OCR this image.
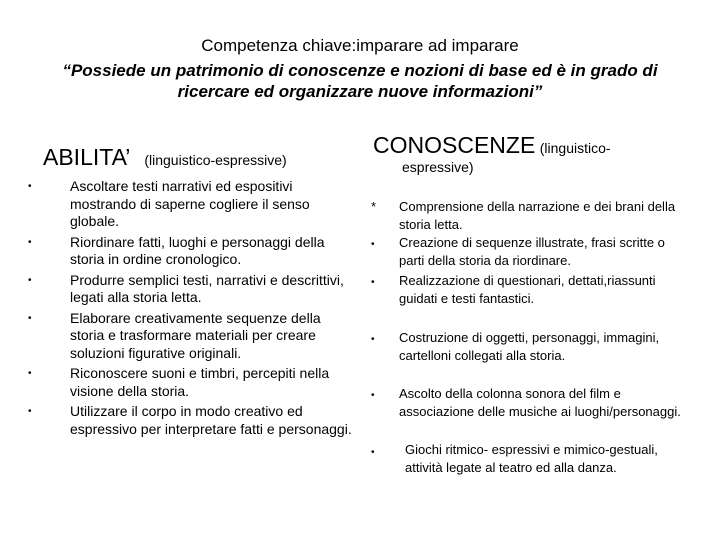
Competenza chiave:imparare ad imparare
“Possiede un patrimonio di conoscenze e nozioni di base ed è in grado di ricercare ed organizzare nuove informazioni”
ABILITA’ (linguistico-espressive)
•	Ascoltare testi narrativi ed espositivi mostrando di saperne cogliere il senso globale.
•	Riordinare fatti, luoghi e personaggi della storia in ordine cronologico.
•	Produrre semplici testi, narrativi e descrittivi, legati alla storia letta.
•	Elaborare creativamente sequenze della storia e trasformare materiali per creare soluzioni figurative originali.
•	Riconoscere suoni e timbri, percepiti nella visione della storia.
•	Utilizzare il corpo in modo creativo ed espressivo per interpretare fatti e personaggi.
CONOSCENZE (linguistico-
espressive)
* Comprensione della narrazione e dei brani della storia letta.
• Creazione di sequenze illustrate, frasi scritte o parti della storia da riordinare.
• Realizzazione di questionari, dettati,riassunti guidati e testi fantastici.
• Costruzione di oggetti, personaggi, immagini, cartelloni collegati alla storia.
• Ascolto della colonna sonora del film e associazione delle musiche ai luoghi/personaggi.
• Giochi ritmico- espressivi e mimico-gestuali, attività legate al teatro ed alla danza.
